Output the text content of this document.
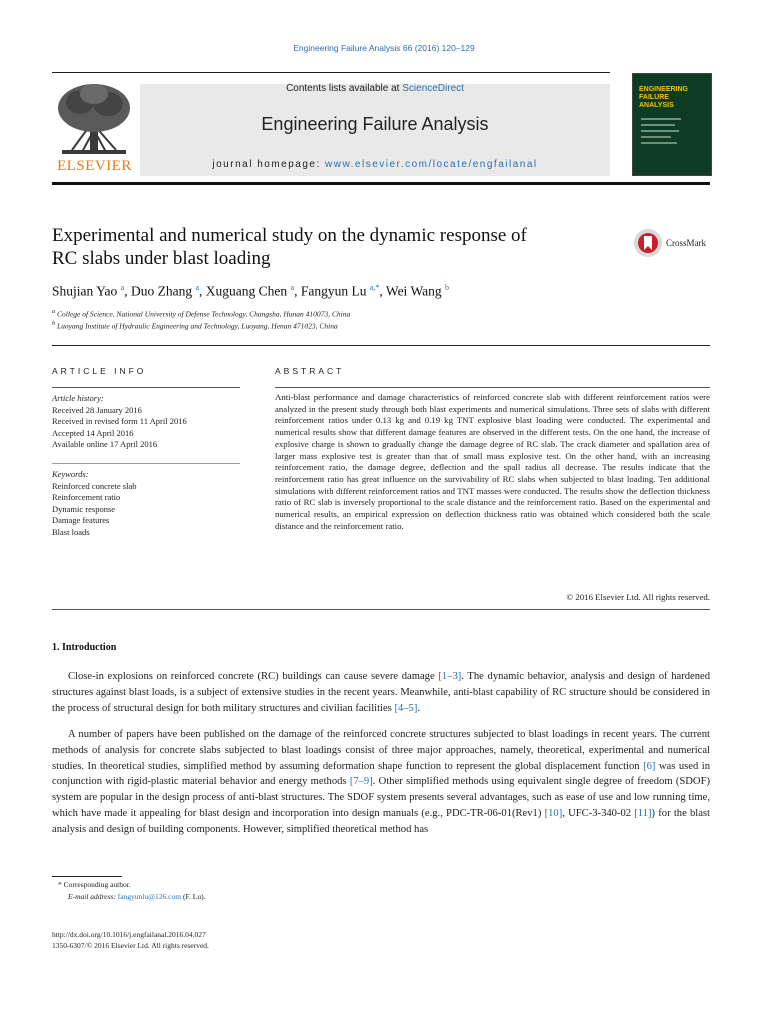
Engineering Failure Analysis 66 (2016) 120–129
ELSEVIER
Contents lists available at ScienceDirect
Engineering Failure Analysis
journal homepage: www.elsevier.com/locate/engfailanal
ENGINEERING
FAILURE
ANALYSIS
Experimental and numerical study on the dynamic response of
RC slabs under blast loading
CrossMark
Shujian Yao $^a$, Duo Zhang $^a$, Xuguang Chen $^a$, Fangyun Lu $^{a,*}$, Wei Wang $^b$
$^a$ College of Science, National University of Defense Technology, Changsha, Hunan 410073, China
$^b$ Luoyang Institute of Hydraulic Engineering and Technology, Luoyang, Henan 471023, China
ARTICLE INFO
Article history:
Received 28 January 2016
Received in revised form 11 April 2016
Accepted 14 April 2016
Available online 17 April 2016
Keywords:
Reinforced concrete slab
Reinforcement ratio
Dynamic response
Damage features
Blast loads
ABSTRACT
Anti-blast performance and damage characteristics of reinforced concrete slab with different reinforcement ratios were analyzed in the present study through both blast experiments and numerical simulations. Three sets of slabs with different reinforcement ratios under 0.13 kg and 0.19 kg TNT explosive blast loading were conducted. The experimental and numerical results show that different damage features are observed in the different tests. On the one hand, the increase of explosive charge is shown to gradually change the damage degree of RC slab. The crack diameter and spallation area of larger mass explosive test is greater than that of small mass explosive test. On the other hand, with an increasing reinforcement ratio, the damage degree, deflection and the spall radius all decrease. The results indicate that the reinforcement ratio has great influence on the survivability of RC slabs when subjected to blast loading. Ten additional simulations with different reinforcement ratios and TNT masses were conducted. The results show the deflection thickness ratio of RC slab is inversely proportional to the scale distance and the reinforcement ratio. Based on the experimental and numerical results, an empirical expression on deflection thickness ratio was obtained which considered both the scale distance and the reinforcement ratio.
© 2016 Elsevier Ltd. All rights reserved.
1. Introduction
Close-in explosions on reinforced concrete (RC) buildings can cause severe damage [1–3]. The dynamic behavior, analysis and design of hardened structures against blast loads, is a subject of extensive studies in the recent years. Meanwhile, anti-blast capability of RC structure should be considered in the process of structural design for both military structures and civilian facilities [4–5].
A number of papers have been published on the damage of the reinforced concrete structures subjected to blast loadings in recent years. The current methods of analysis for concrete slabs subjected to blast loadings consist of three major approaches, namely, theoretical, experimental and numerical studies. In theoretical studies, simplified method by assuming deformation shape function to represent the global displacement function [6] was used in conjunction with rigid-plastic material behavior and energy methods [7–9]. Other simplified methods using equivalent single degree of freedom (SDOF) system are popular in the design process of anti-blast structures. The SDOF system presents several advantages, such as ease of use and low running time, which have made it appealing for blast design and incorporation into design manuals (e.g., PDC-TR-06-01(Rev1) [10], UFC-3-340-02 [11]) for the blast analysis and design of building components. However, simplified theoretical method has
* Corresponding author.
E-mail address: fangyunlu@126.com (F. Lu).
http://dx.doi.org/10.1016/j.engfailanal.2016.04.027
1350-6307/© 2016 Elsevier Ltd. All rights reserved.
